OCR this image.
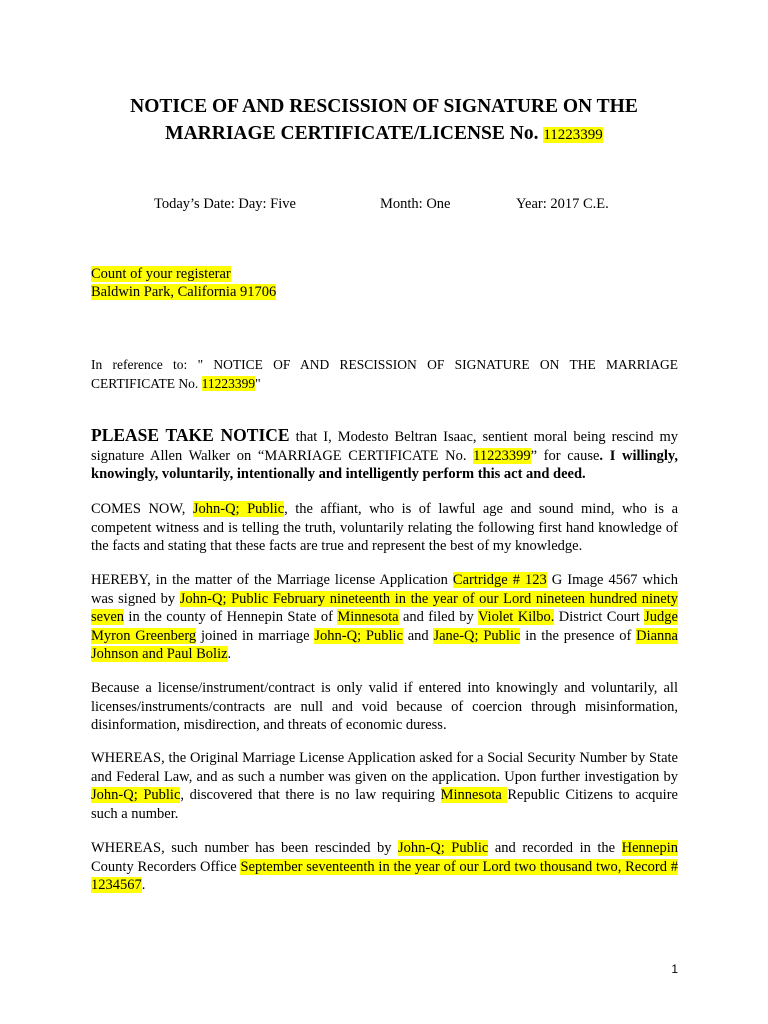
NOTICE OF AND RESCISSION OF SIGNATURE ON THE
MARRIAGE CERTIFICATE/LICENSE No. 11223399
Today’s Date: Day: Five	Month: One	Year: 2017 C.E.
Count of your registerar
Baldwin Park, California 91706
In reference to: " NOTICE OF AND RESCISSION OF SIGNATURE ON THE MARRIAGE CERTIFICATE No. 11223399"
PLEASE TAKE NOTICE that I, Modesto Beltran Isaac, sentient moral being rescind my signature Allen Walker on “MARRIAGE CERTIFICATE No. 11223399” for cause. I willingly, knowingly, voluntarily, intentionally and intelligently perform this act and deed.
COMES NOW, John-Q; Public, the affiant, who is of lawful age and sound mind, who is a competent witness and is telling the truth, voluntarily relating the following first hand knowledge of the facts and stating that these facts are true and represent the best of my knowledge.
HEREBY, in the matter of the Marriage license Application Cartridge # 123 G Image 4567 which was signed by John-Q; Public February nineteenth in the year of our Lord nineteen hundred ninety seven in the county of Hennepin State of Minnesota and filed by Violet Kilbo. District Court Judge Myron Greenberg joined in marriage John-Q; Public and Jane-Q; Public in the presence of Dianna Johnson and Paul Boliz.
Because a license/instrument/contract is only valid if entered into knowingly and voluntarily, all licenses/instruments/contracts are null and void because of coercion through misinformation, disinformation, misdirection, and threats of economic duress.
WHEREAS, the Original Marriage License Application asked for a Social Security Number by State and Federal Law, and as such a number was given on the application. Upon further investigation by John-Q; Public, discovered that there is no law requiring Minnesota Republic Citizens to acquire such a number.
WHEREAS, such number has been rescinded by John-Q; Public and recorded in the Hennepin County Recorders Office September seventeenth in the year of our Lord two thousand two, Record # 1234567.
1
